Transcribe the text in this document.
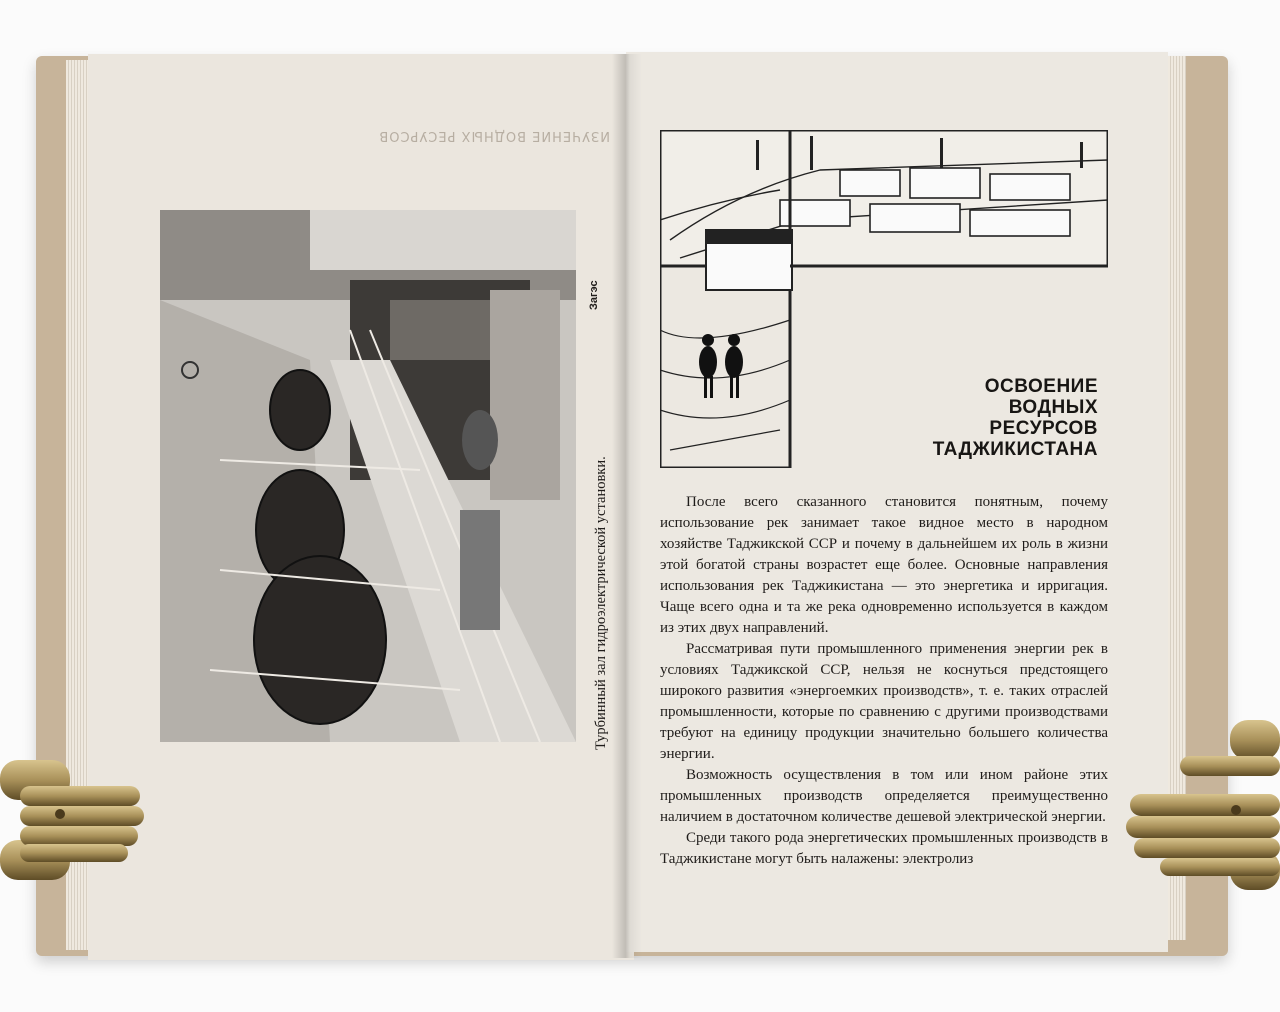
ИЗУЧЕНИЕ ВОДНЫХ РЕСУРСОВ
Турбинный зал гидроэлектрической установки.
Загэс
ОСВОЕНИЕ
ВОДНЫХ
РЕСУРСОВ
ТАДЖИКИСТАНА

После всего сказанного становится понятным, почему использование рек занимает такое видное место в народном хозяйстве Таджикской ССР и почему в дальнейшем их роль в жизни этой богатой страны возрастет еще более. Основные направления использования рек Таджикистана — это энергетика и ирригация. Чаще всего одна и та же река одновременно используется в каждом из этих двух направлений.

Рассматривая пути промышленного применения энергии рек в условиях Таджикской ССР, нельзя не коснуться предстоящего широкого развития «энергоемких производств», т. е. таких отраслей промышленности, которые по сравнению с другими производствами требуют на единицу продукции значительно большего количества энергии.

Возможность осуществления в том или ином районе этих промышленных производств определяется преимущественно наличием в достаточном количестве дешевой электрической энергии.

Среди такого рода энергетических промышленных производств в Таджикистане могут быть налажены: электролиз
